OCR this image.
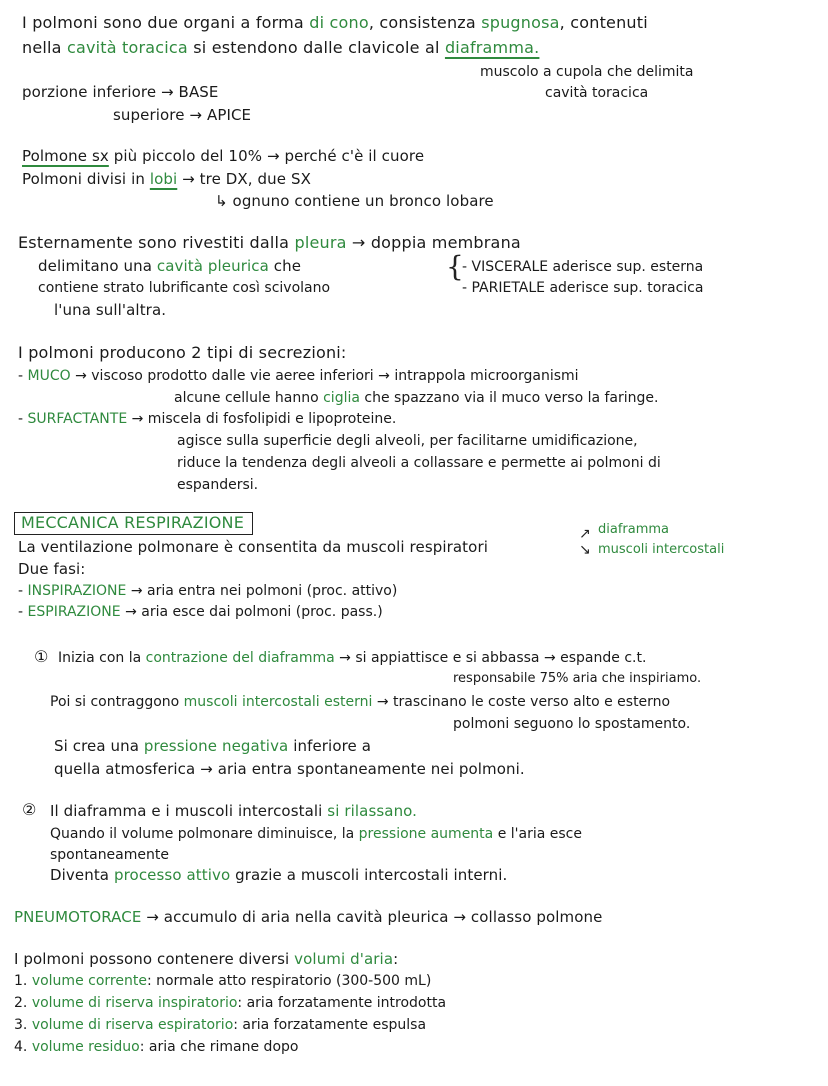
I polmoni sono due organi a forma di cono, consistenza spugnosa, contenuti
nella cavità toracica si estendono dalle clavicole al diaframma.
muscolo a cupola che delimita
cavità toracica
porzione inferiore → BASE
superiore → APICE
Polmone sx più piccolo del 10% → perché c'è il cuore
Polmoni divisi in lobi → tre DX, due SX
↳ ognuno contiene un bronco lobare
Esternamente sono rivestiti dalla pleura → doppia membrana
delimitano una cavità pleurica che
contiene strato lubrificante così scivolano
l'una sull'altra.
{
- VISCERALE aderisce sup. esterna
- PARIETALE aderisce sup. toracica
I polmoni producono 2 tipi di secrezioni:
- MUCO → viscoso prodotto dalle vie aeree inferiori → intrappola microorganismi
alcune cellule hanno ciglia che spazzano via il muco verso la faringe.
- SURFACTANTE → miscela di fosfolipidi e lipoproteine.
agisce sulla superficie degli alveoli, per facilitarne umidificazione,
riduce la tendenza degli alveoli a collassare e permette ai polmoni di
espandersi.
MECCANICA RESPIRAZIONE
↗
↘
diaframma
muscoli intercostali
La ventilazione polmonare è consentita da muscoli respiratori
Due fasi:
- INSPIRAZIONE → aria entra nei polmoni (proc. attivo)
- ESPIRAZIONE → aria esce dai polmoni (proc. pass.)
① Inizia con la contrazione del diaframma → si appiattisce e si abbassa → espande c.t.
responsabile 75% aria che inspiriamo.
Poi si contraggono muscoli intercostali esterni → trascinano le coste verso alto e esterno
polmoni seguono lo spostamento.
Si crea una pressione negativa inferiore a
quella atmosferica → aria entra spontaneamente nei polmoni.
② Il diaframma e i muscoli intercostali si rilassano.
Quando il volume polmonare diminuisce, la pressione aumenta e l'aria esce
spontaneamente
Diventa processo attivo grazie a muscoli intercostali interni.
PNEUMOTORACE → accumulo di aria nella cavità pleurica → collasso polmone
I polmoni possono contenere diversi volumi d'aria:
1. volume corrente: normale atto respiratorio (300-500 mL)
2. volume di riserva inspiratorio: aria forzatamente introdotta
3. volume di riserva espiratorio: aria forzatamente espulsa
4. volume residuo: aria che rimane dopo
